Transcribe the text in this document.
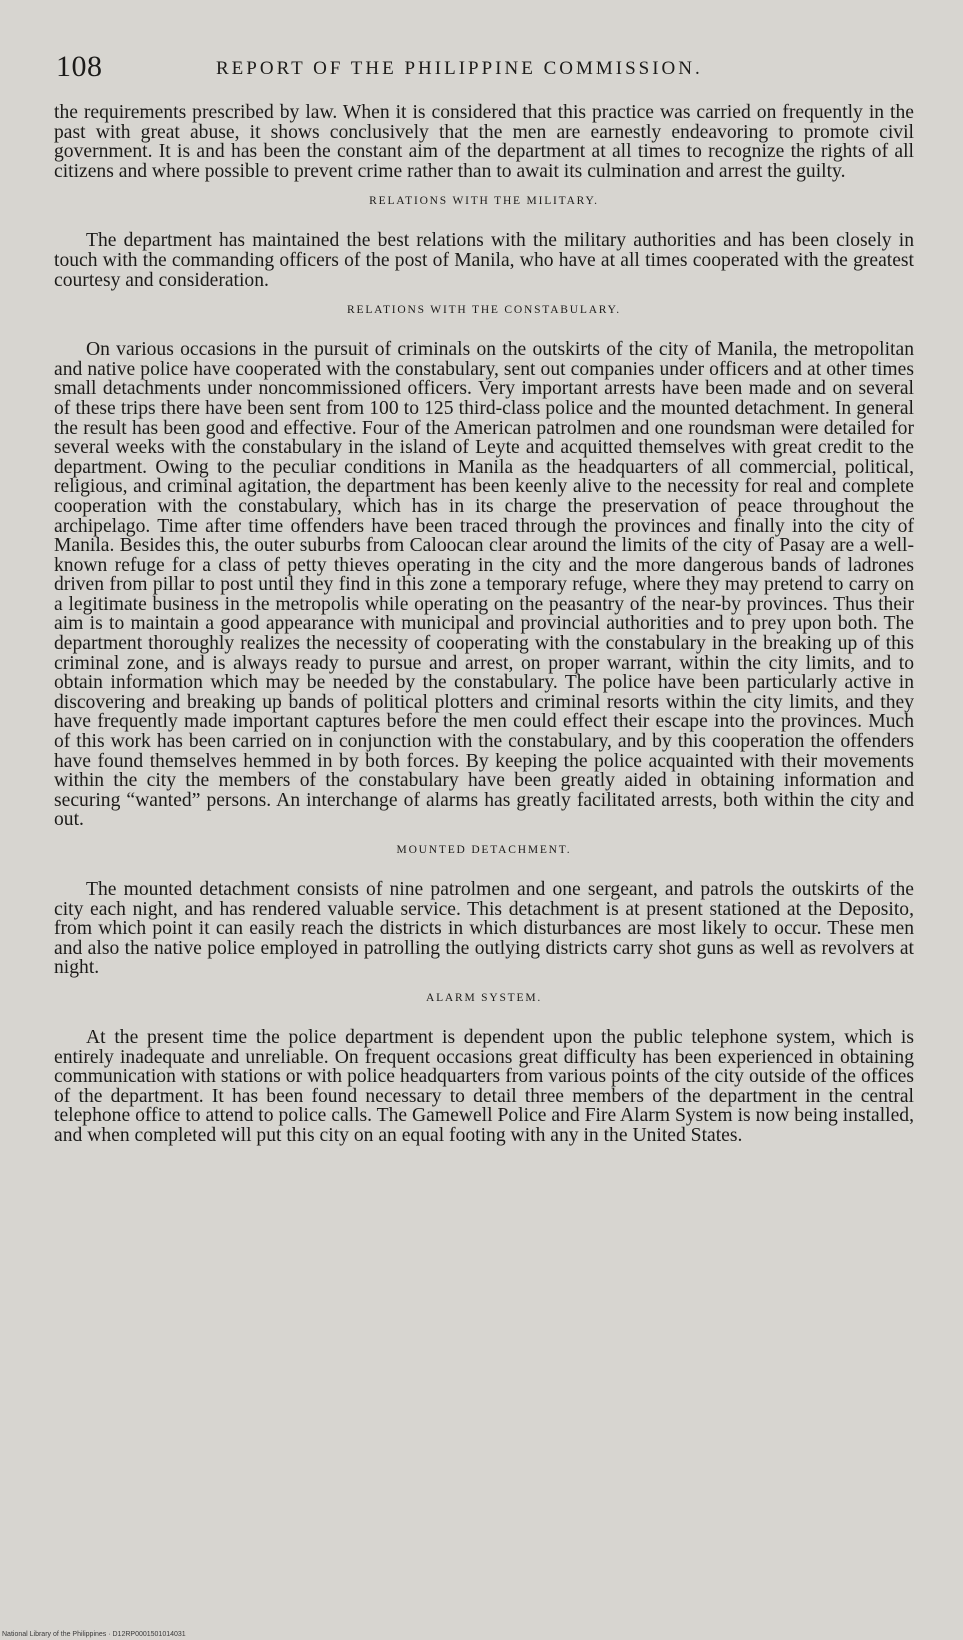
108	REPORT OF THE PHILIPPINE COMMISSION.

the requirements prescribed by law. When it is considered that this practice was carried on frequently in the past with great abuse, it shows conclusively that the men are earnestly endeavoring to promote civil government. It is and has been the constant aim of the department at all times to recognize the rights of all citizens and where possible to prevent crime rather than to await its culmination and arrest the guilty.

RELATIONS WITH THE MILITARY.

The department has maintained the best relations with the military authorities and has been closely in touch with the commanding officers of the post of Manila, who have at all times cooperated with the greatest courtesy and consideration.

RELATIONS WITH THE CONSTABULARY.

On various occasions in the pursuit of criminals on the outskirts of the city of Manila, the metropolitan and native police have cooperated with the constabulary, sent out companies under officers and at other times small detachments under noncommissioned officers. Very important arrests have been made and on several of these trips there have been sent from 100 to 125 third-class police and the mounted detachment. In general the result has been good and effective. Four of the American patrolmen and one roundsman were detailed for several weeks with the constabulary in the island of Leyte and acquitted themselves with great credit to the department. Owing to the peculiar conditions in Manila as the headquarters of all commercial, political, religious, and criminal agitation, the department has been keenly alive to the necessity for real and complete cooperation with the constabulary, which has in its charge the preservation of peace throughout the archipelago. Time after time offenders have been traced through the provinces and finally into the city of Manila. Besides this, the outer suburbs from Caloocan clear around the limits of the city of Pasay are a well-known refuge for a class of petty thieves operating in the city and the more dangerous bands of ladrones driven from pillar to post until they find in this zone a temporary refuge, where they may pretend to carry on a legitimate business in the metropolis while operating on the peasantry of the near-by provinces. Thus their aim is to maintain a good appearance with municipal and provincial authorities and to prey upon both. The department thoroughly realizes the necessity of cooperating with the constabulary in the breaking up of this criminal zone, and is always ready to pursue and arrest, on proper warrant, within the city limits, and to obtain information which may be needed by the constabulary. The police have been particularly active in discovering and breaking up bands of political plotters and criminal resorts within the city limits, and they have frequently made important captures before the men could effect their escape into the provinces. Much of this work has been carried on in conjunction with the constabulary, and by this cooperation the offenders have found themselves hemmed in by both forces. By keeping the police acquainted with their movements within the city the members of the constabulary have been greatly aided in obtaining information and securing “wanted” persons. An interchange of alarms has greatly facilitated arrests, both within the city and out.

MOUNTED DETACHMENT.

The mounted detachment consists of nine patrolmen and one sergeant, and patrols the outskirts of the city each night, and has rendered valuable service. This detachment is at present stationed at the Deposito, from which point it can easily reach the districts in which disturbances are most likely to occur. These men and also the native police employed in patrolling the outlying districts carry shot guns as well as revolvers at night.

ALARM SYSTEM.

At the present time the police department is dependent upon the public telephone system, which is entirely inadequate and unreliable. On frequent occasions great difficulty has been experienced in obtaining communication with stations or with police headquarters from various points of the city outside of the offices of the department. It has been found necessary to detail three members of the department in the central telephone office to attend to police calls. The Gamewell Police and Fire Alarm System is now being installed, and when completed will put this city on an equal footing with any in the United States.

National Library of the Philippines · D12RP0001501014031
